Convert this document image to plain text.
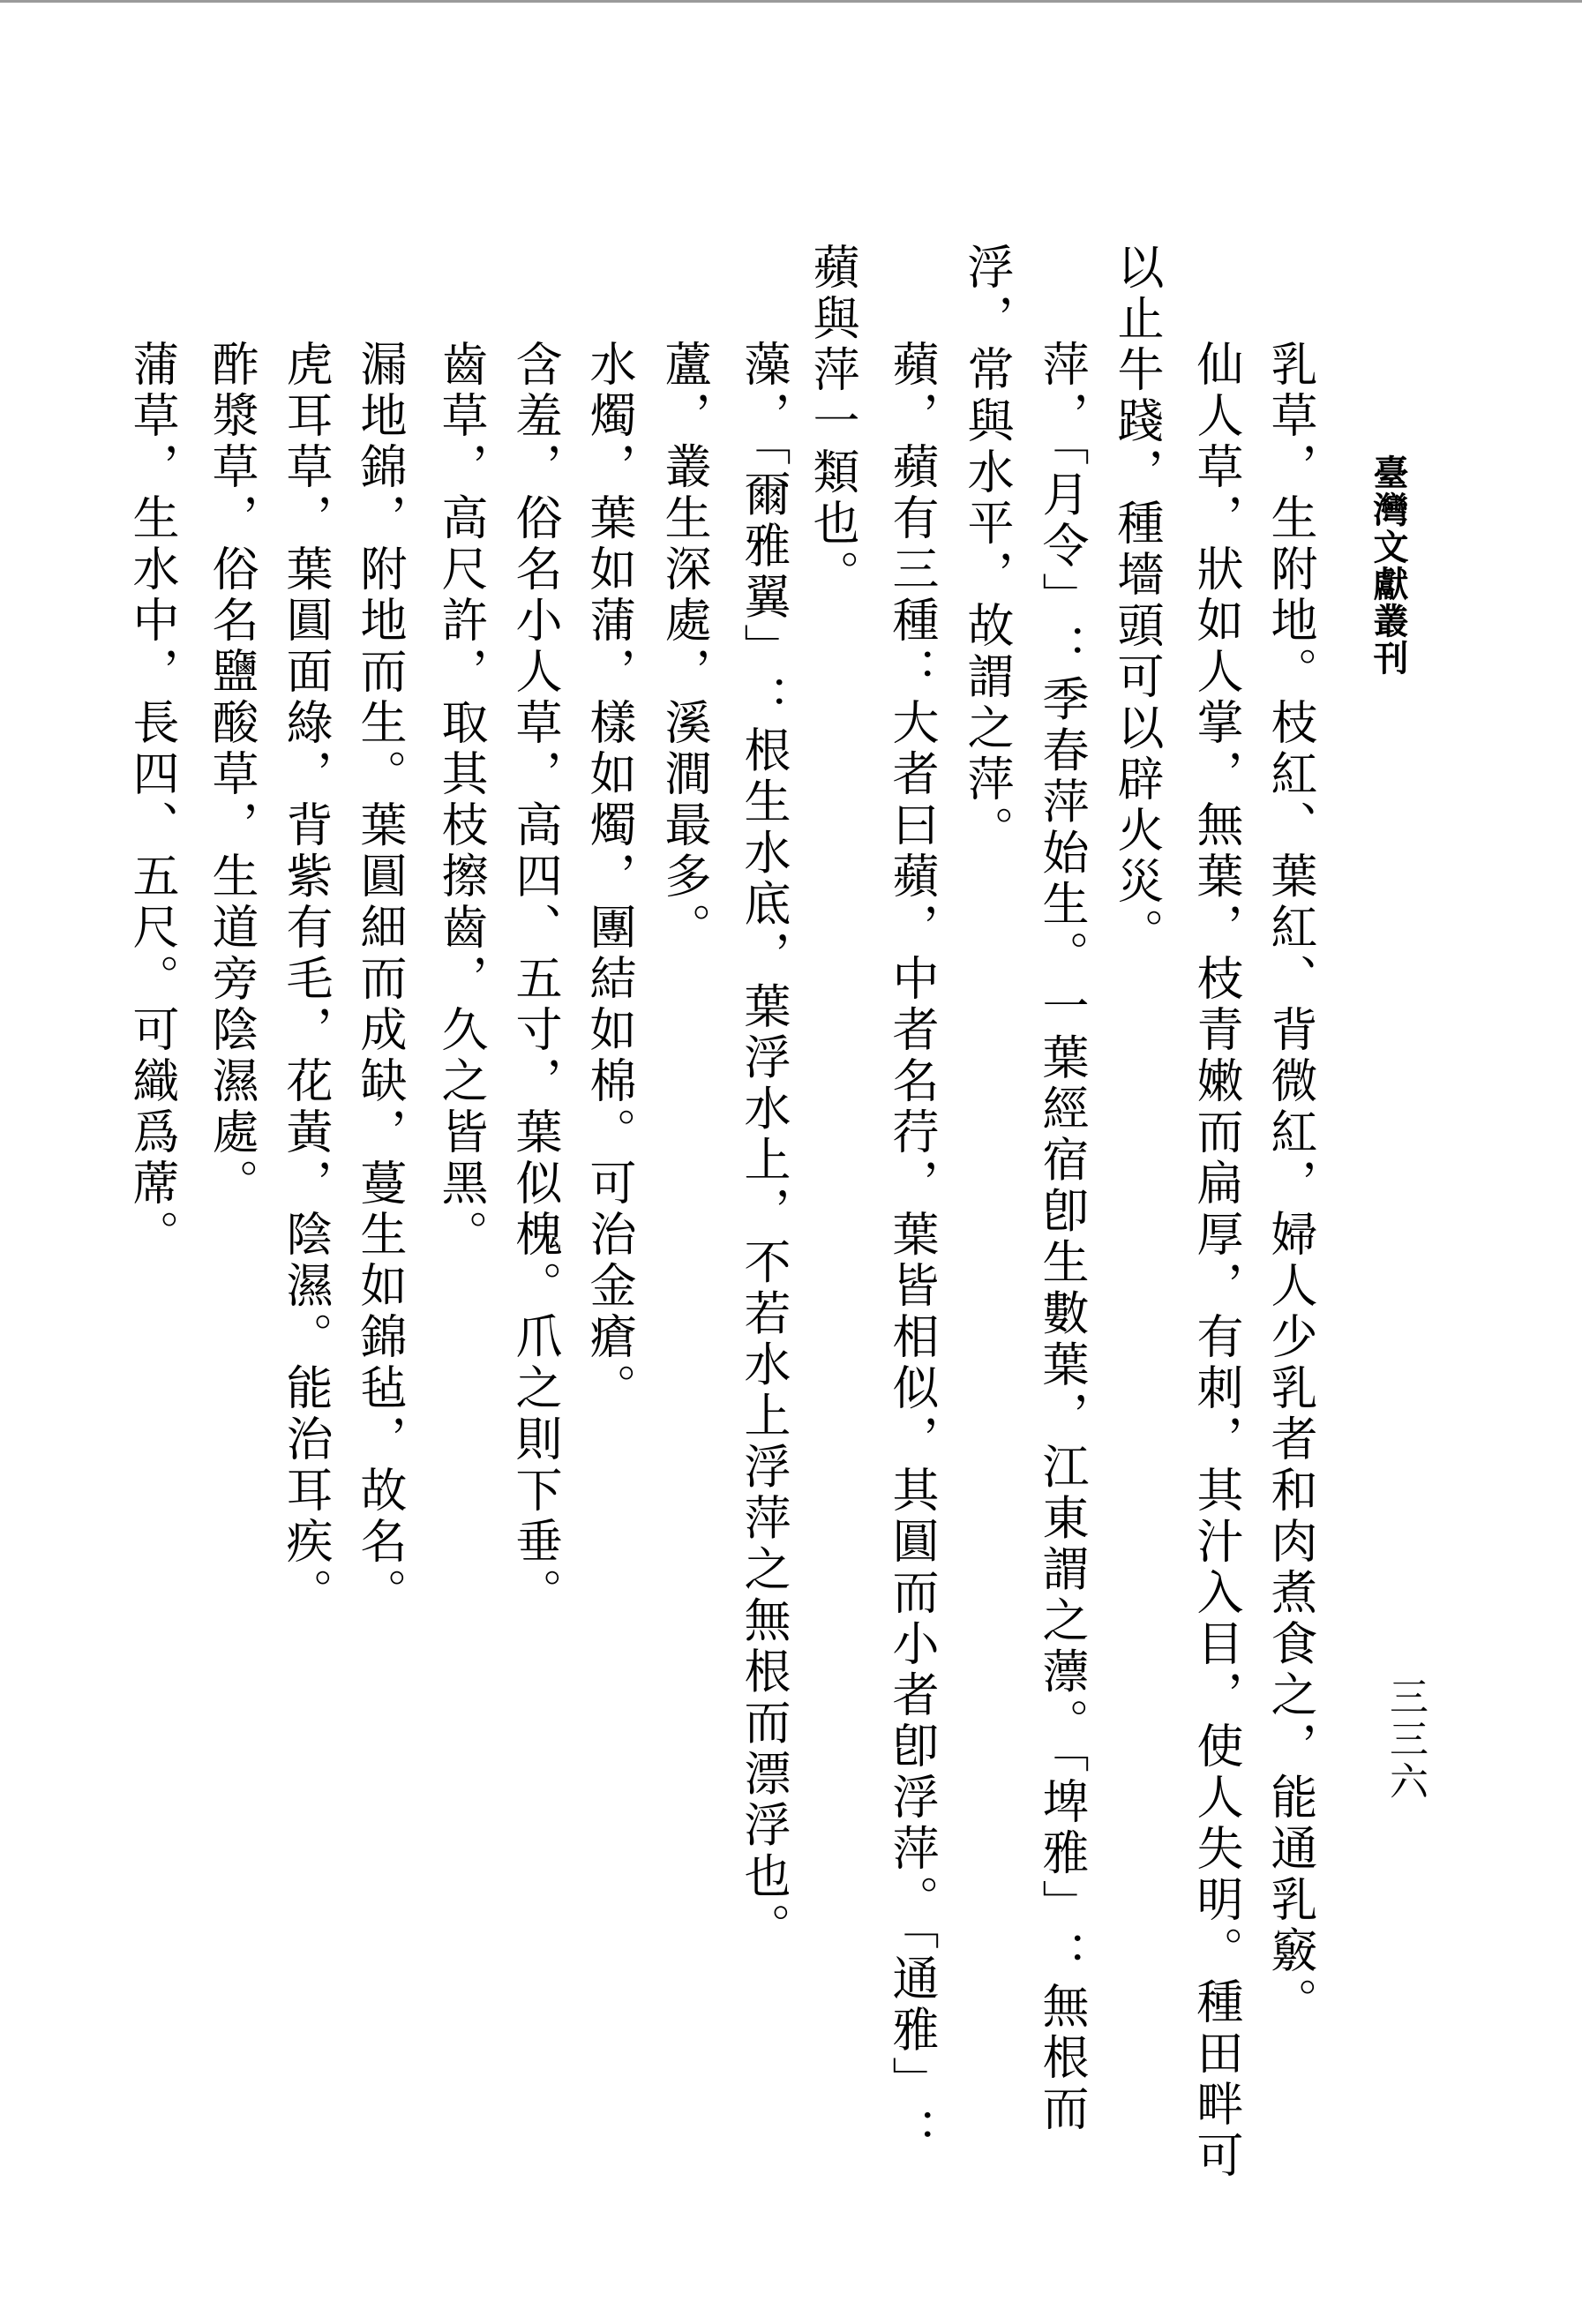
臺灣文獻叢刊
三三六
乳草，生附地。枝紅、葉紅、背微紅，婦人少乳者和肉煮食之，能通乳竅。
仙人草，狀如人掌，無葉，枝青嫩而扁厚，有刺，其汁入目，使人失明。種田畔可
以止牛踐，種墻頭可以辟火災。
萍，「月令」：季春萍始生。一葉經宿卽生數葉，江東謂之薸。「埤雅」：無根而
浮，常與水平，故謂之萍。
蘋，蘋有三種：大者曰蘋，中者名荇，葉皆相似，其圓而小者卽浮萍。「通雅」：
蘋與萍一類也。
藻，「爾雅翼」：根生水底，葉浮水上，不若水上浮萍之無根而漂浮也。
蘆，叢生深處，溪澗最多。
水燭，葉如蒲，樣如燭，團結如棉。可治金瘡。
含羞，俗名小人草，高四、五寸，葉似槐。爪之則下垂。
齒草，高尺許，取其枝擦齒，久之皆黑。
漏地錦，附地而生。葉圓細而成缺，蔓生如錦毡，故名。
虎耳草，葉圓面綠，背紫有毛，花黃，陰濕。能治耳疾。
酢漿草，俗名鹽酸草，生道旁陰濕處。
蒲草，生水中，長四、五尺。可織爲蓆。
